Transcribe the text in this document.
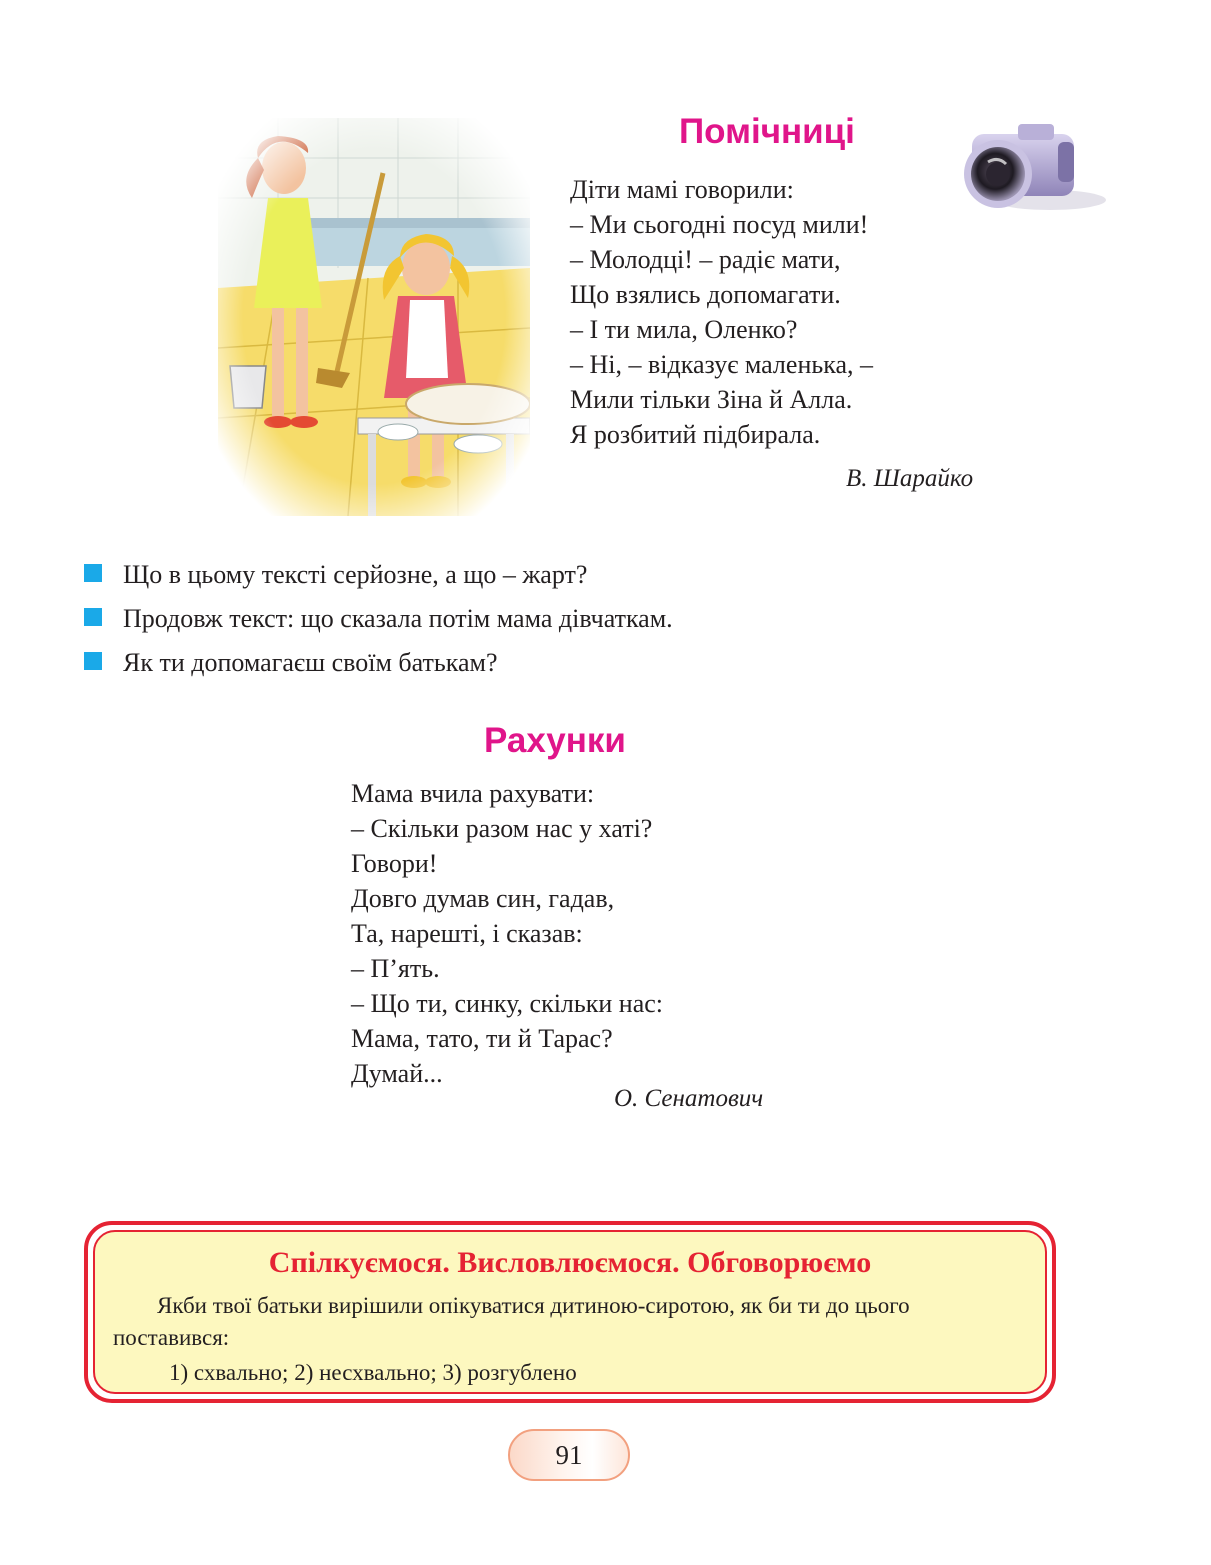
Помічниці
Діти мамі говорили:
– Ми сьогодні посуд мили!
– Молодці! – радіє мати,
Що взялись допомагати.
– І ти мила, Оленко?
– Ні, – відказує маленька, –
Мили тільки Зіна й Алла.
Я розбитий підбирала.
В. Шарайко
Що в цьому тексті серйозне, а що – жарт?
Продовж текст: що сказала потім мама дівчаткам.
Як ти допомагаєш своїм батькам?
Рахунки
Мама вчила рахувати:
– Скільки разом нас у хаті?
Говори!
Довго думав син, гадав,
Та, нарешті, і сказав:
– П’ять.
– Що ти, синку, скільки нас:
Мама, тато, ти й Тарас?
Думай...
О. Сенатович
Спілкуємося. Висловлюємося. Обговорюємо

Якби твої батьки вирішили опікуватися дитиною-сиротою, як би ти до цього
поставився:

1) схвально; 2) несхвально; 3) розгублено
91
